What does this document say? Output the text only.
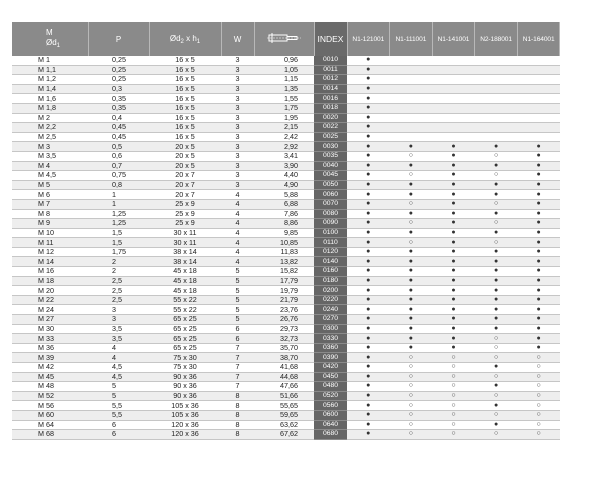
M
$Ød_1$	P	$Ød_2$ x $h_1$	W		INDEX	N1-121001	N1-111001	N1-141001	N2-188001	N1-164001
M 1	0,25	16 x 5	3	0,96	0010	●				
M 1,1	0,25	16 x 5	3	1,05	0011	●				
M 1,2	0,25	16 x 5	3	1,15	0012	●				
M 1,4	0,3	16 x 5	3	1,35	0014	●				
M 1,6	0,35	16 x 5	3	1,55	0016	●				
M 1,8	0,35	16 x 5	3	1,75	0018	●				
M 2	0,4	16 x 5	3	1,95	0020	●				
M 2,2	0,45	16 x 5	3	2,15	0022	●				
M 2,5	0,45	16 x 5	3	2,42	0025	●				
M 3	0,5	20 x 5	3	2,92	0030	●	●	●	●	●
M 3,5	0,6	20 x 5	3	3,41	0035	●	○	●	○	●
M 4	0,7	20 x 5	3	3,90	0040	●	●	●	●	●
M 4,5	0,75	20 x 7	3	4,40	0045	●	○	●	○	●
M 5	0,8	20 x 7	3	4,90	0050	●	●	●	●	●
M 6	1	20 x 7	4	5,88	0060	●	●	●	●	●
M 7	1	25 x 9	4	6,88	0070	●	○	●	○	●
M 8	1,25	25 x 9	4	7,86	0080	●	●	●	●	●
M 9	1,25	25 x 9	4	8,86	0090	●	○	●	○	●
M 10	1,5	30 x 11	4	9,85	0100	●	●	●	●	●
M 11	1,5	30 x 11	4	10,85	0110	●	○	●	○	●
M 12	1,75	38 x 14	4	11,83	0120	●	●	●	●	●
M 14	2	38 x 14	4	13,82	0140	●	●	●	●	●
M 16	2	45 x 18	5	15,82	0160	●	●	●	●	●
M 18	2,5	45 x 18	5	17,79	0180	●	●	●	●	●
M 20	2,5	45 x 18	5	19,79	0200	●	●	●	●	●
M 22	2,5	55 x 22	5	21,79	0220	●	●	●	●	●
M 24	3	55 x 22	5	23,76	0240	●	●	●	●	●
M 27	3	65 x 25	5	26,76	0270	●	●	●	●	●
M 30	3,5	65 x 25	6	29,73	0300	●	●	●	●	●
M 33	3,5	65 x 25	6	32,73	0330	●	●	●	○	●
M 36	4	65 x 25	7	35,70	0360	●	●	●	○	●
M 39	4	75 x 30	7	38,70	0390	●	○	○	○	○
M 42	4,5	75 x 30	7	41,68	0420	●	○	○	●	○
M 45	4,5	90 x 36	7	44,68	0450	●	○	○	○	○
M 48	5	90 x 36	7	47,66	0480	●	○	○	●	○
M 52	5	90 x 36	8	51,66	0520	●	○	○	○	○
M 56	5,5	105 x 36	8	55,65	0560	●	○	○	●	○
M 60	5,5	105 x 36	8	59,65	0600	●	○	○	○	○
M 64	6	120 x 36	8	63,62	0640	●	○	○	●	○
M 68	6	120 x 36	8	67,62	0680	●	○	○	○	○
